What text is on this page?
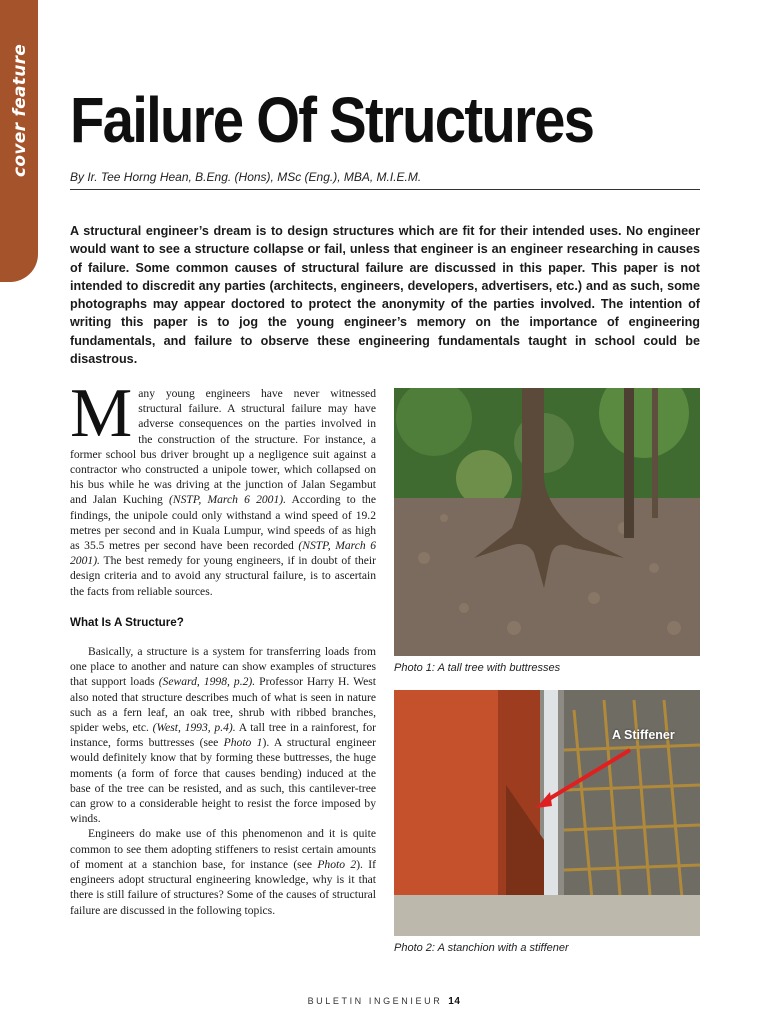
cover feature Failure Of Structures
By Ir. Tee Horng Hean, B.Eng. (Hons), MSc (Eng.), MBA, M.I.E.M.

A structural engineer’s dream is to design structures which are fit for their intended uses. No engineer would want to see a structure collapse or fail, unless that engineer is an engineer researching in causes of failure. Some common causes of structural failure are discussed in this paper. This paper is not intended to discredit any parties (architects, engineers, developers, advertisers, etc.) and as such, some photographs may appear doctored to protect the anonymity of the parties involved. The intention of writing this paper is to jog the young engineer’s memory on the importance of engineering fundamentals, and failure to observe these engineering fundamentals taught in school could be disastrous.

Many young engineers have never witnessed structural failure. A structural failure may have adverse consequences on the parties involved in the construction of the structure. For instance, a former school bus driver brought up a negligence suit against a contractor who constructed a unipole tower, which collapsed on his bus while he was driving at the junction of Jalan Segambut and Jalan Kuching (NSTP, March 6 2001). According to the findings, the unipole could only withstand a wind speed of 19.2 metres per second and in Kuala Lumpur, wind speeds of as high as 35.5 metres per second have been recorded (NSTP, March 6 2001). The best remedy for young engineers, if in doubt of their design criteria and to avoid any structural failure, is to ascertain the facts from reliable sources.

What Is A Structure?

Basically, a structure is a system for transferring loads from one place to another and nature can show examples of structures that support loads (Seward, 1998, p.2). Professor Harry H. West also noted that structure describes much of what is seen in nature such as a fern leaf, an oak tree, shrub with ribbed branches, spider webs, etc. (West, 1993, p.4). A tall tree in a rainforest, for instance, forms buttresses (see Photo 1). A structural engineer would definitely know that by forming these buttresses, the huge moments (a form of force that causes bending) induced at the base of the tree can be resisted, and as such, this cantilever-tree can grow to a considerable height to resist the force imposed by winds.

Engineers do make use of this phenomenon and it is quite common to see them adopting stiffeners to resist certain amounts of moment at a stanchion base, for instance (see Photo 2). If engineers adopt structural engineering knowledge, why is it that there is still failure of structures? Some of the causes of structural failure are discussed in the following topics.

Photo 1: A tall tree with buttresses
A Stiffener
Photo 2: A stanchion with a stiffener
BULETIN INGENIEUR 14
